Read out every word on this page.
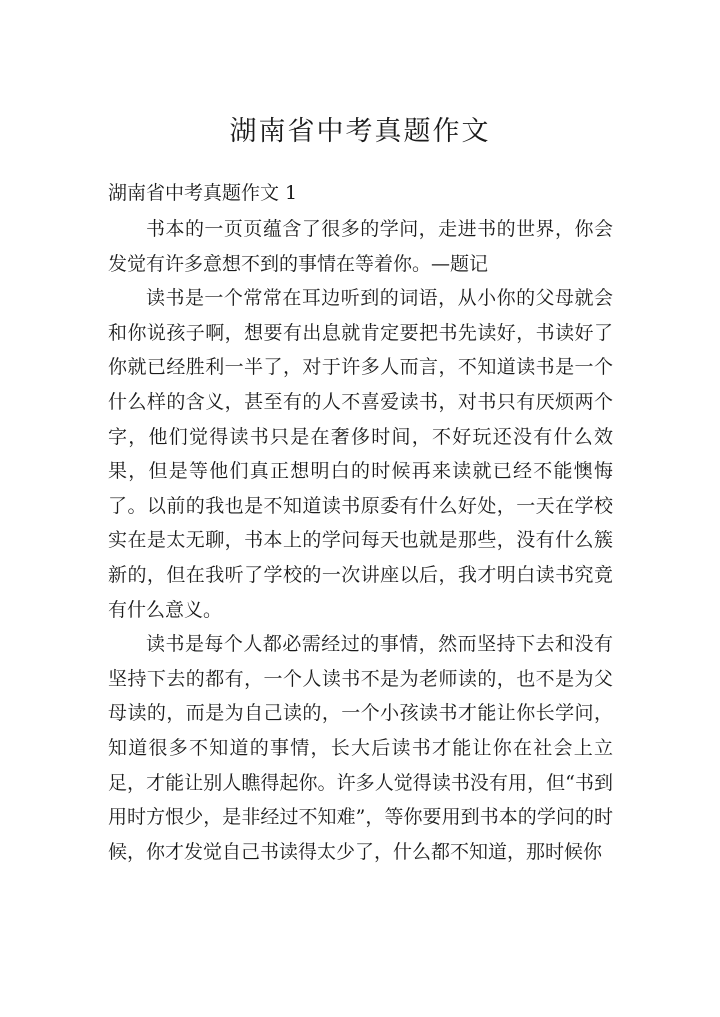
湖南省中考真题作文
湖南省中考真题作文 1

书本的一页页蕴含了很多的学问，走进书的世界，你会发觉有许多意想不到的事情在等着你。—题记

读书是一个常常在耳边听到的词语，从小你的父母就会和你说孩子啊，想要有出息就肯定要把书先读好，书读好了你就已经胜利一半了，对于许多人而言，不知道读书是一个什么样的含义，甚至有的人不喜爱读书，对书只有厌烦两个字，他们觉得读书只是在奢侈时间，不好玩还没有什么效果，但是等他们真正想明白的时候再来读就已经不能懊悔了。以前的我也是不知道读书原委有什么好处，一天在学校实在是太无聊，书本上的学问每天也就是那些，没有什么簇新的，但在我听了学校的一次讲座以后，我才明白读书究竟有什么意义。

读书是每个人都必需经过的事情，然而坚持下去和没有坚持下去的都有，一个人读书不是为老师读的，也不是为父母读的，而是为自己读的，一个小孩读书才能让你长学问，知道很多不知道的事情，长大后读书才能让你在社会上立足，才能让别人瞧得起你。许多人觉得读书没有用，但“书到用时方恨少，是非经过不知难”，等你要用到书本的学问的时候，你才发觉自己书读得太少了，什么都不知道，那时候你
